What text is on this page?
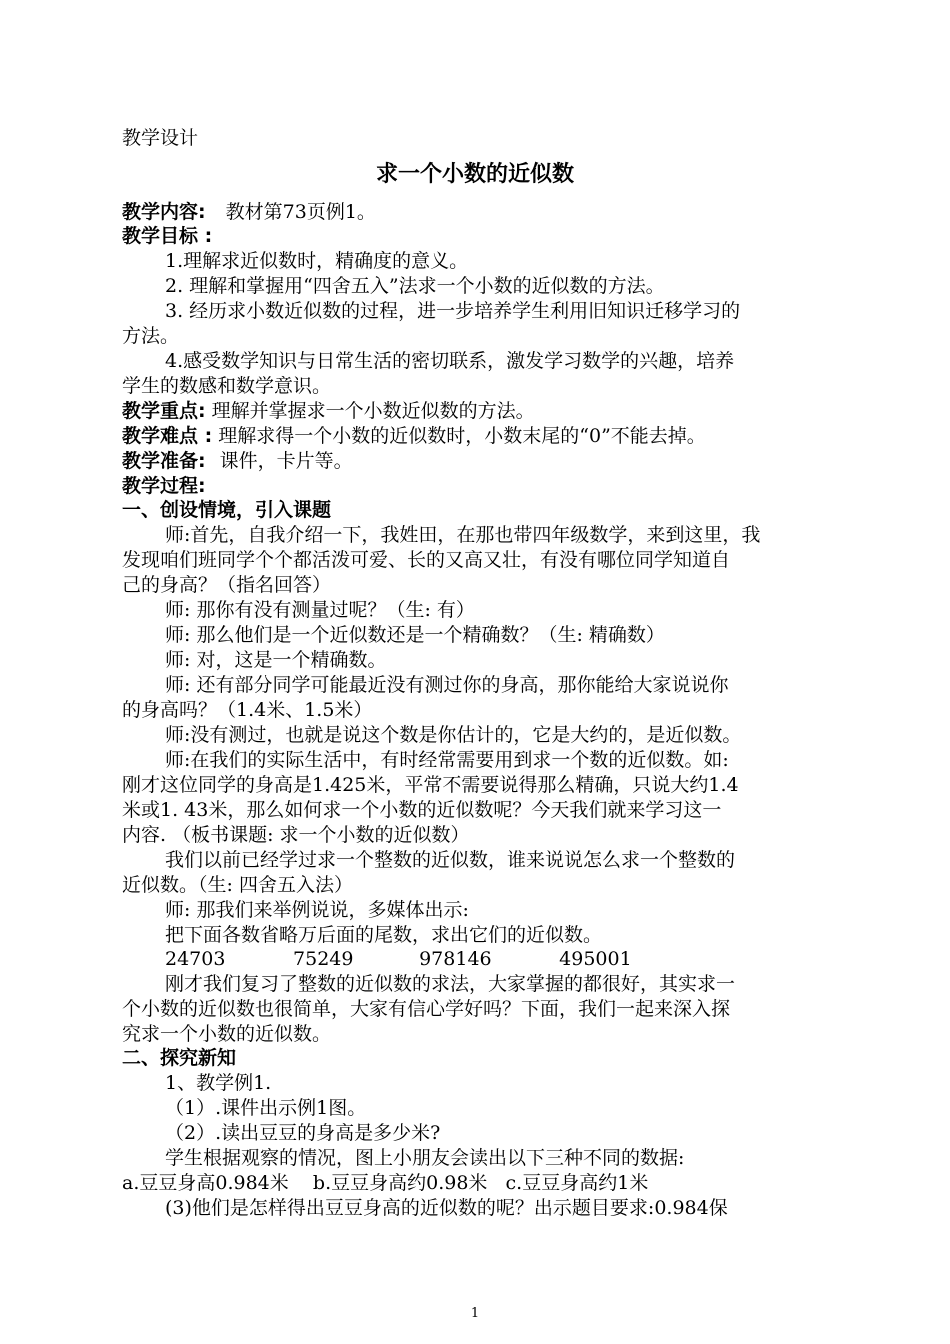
教学设计
求一个小数的近似数
教学内容: 教材第73页例1。
教学目标 :
1.理解求近似数时，精确度的意义。
2. 理解和掌握用“四舍五入”法求一个小数的近似数的方法。
3. 经历求小数近似数的过程，进一步培养学生利用旧知识迁移学习的
方法。
4.感受数学知识与日常生活的密切联系，激发学习数学的兴趣，培养
学生的数感和数学意识。
教学重点: 理解并掌握求一个小数近似数的方法。
教学难点 : 理解求得一个小数的近似数时，小数末尾的“0”不能去掉。
教学准备: 课件，卡片等。
教学过程:
一、创设情境，引入课题
师:首先，自我介绍一下，我姓田，在那也带四年级数学，来到这里，我
发现咱们班同学个个都活泼可爱、长的又高又壮，有没有哪位同学知道自
己的身高？（指名回答）
师: 那你有没有测量过呢？（生: 有）
师: 那么他们是一个近似数还是一个精确数？（生: 精确数）
师: 对，这是一个精确数。
师: 还有部分同学可能最近没有测过你的身高，那你能给大家说说你
的身高吗？（1.4米、1.5米）
师:没有测过，也就是说这个数是你估计的，它是大约的，是近似数。
师:在我们的实际生活中，有时经常需要用到求一个数的近似数。如:
刚才这位同学的身高是1.425米，平常不需要说得那么精确，只说大约1.4
米或1. 43米，那么如何求一个小数的近似数呢？今天我们就来学习这一
内容. （板书课题: 求一个小数的近似数）
我们以前已经学过求一个整数的近似数，谁来说说怎么求一个整数的
近似数。（生: 四舍五入法）
师: 那我们来举例说说，多媒体出示:
把下面各数省略万后面的尾数，求出它们的近似数。
24703	75249	978146	495001
刚才我们复习了整数的近似数的求法，大家掌握的都很好，其实求一
个小数的近似数也很简单，大家有信心学好吗？下面，我们一起来深入探
究求一个小数的近似数。
二、探究新知
1、教学例1.
（1）.课件出示例1图。
（2）.读出豆豆的身高是多少米?
学生根据观察的情况，图上小朋友会读出以下三种不同的数据:
a.豆豆身高0.984米    b.豆豆身高约0.98米   c.豆豆身高约1米
(3)他们是怎样得出豆豆身高的近似数的呢？出示题目要求:0.984保
1
